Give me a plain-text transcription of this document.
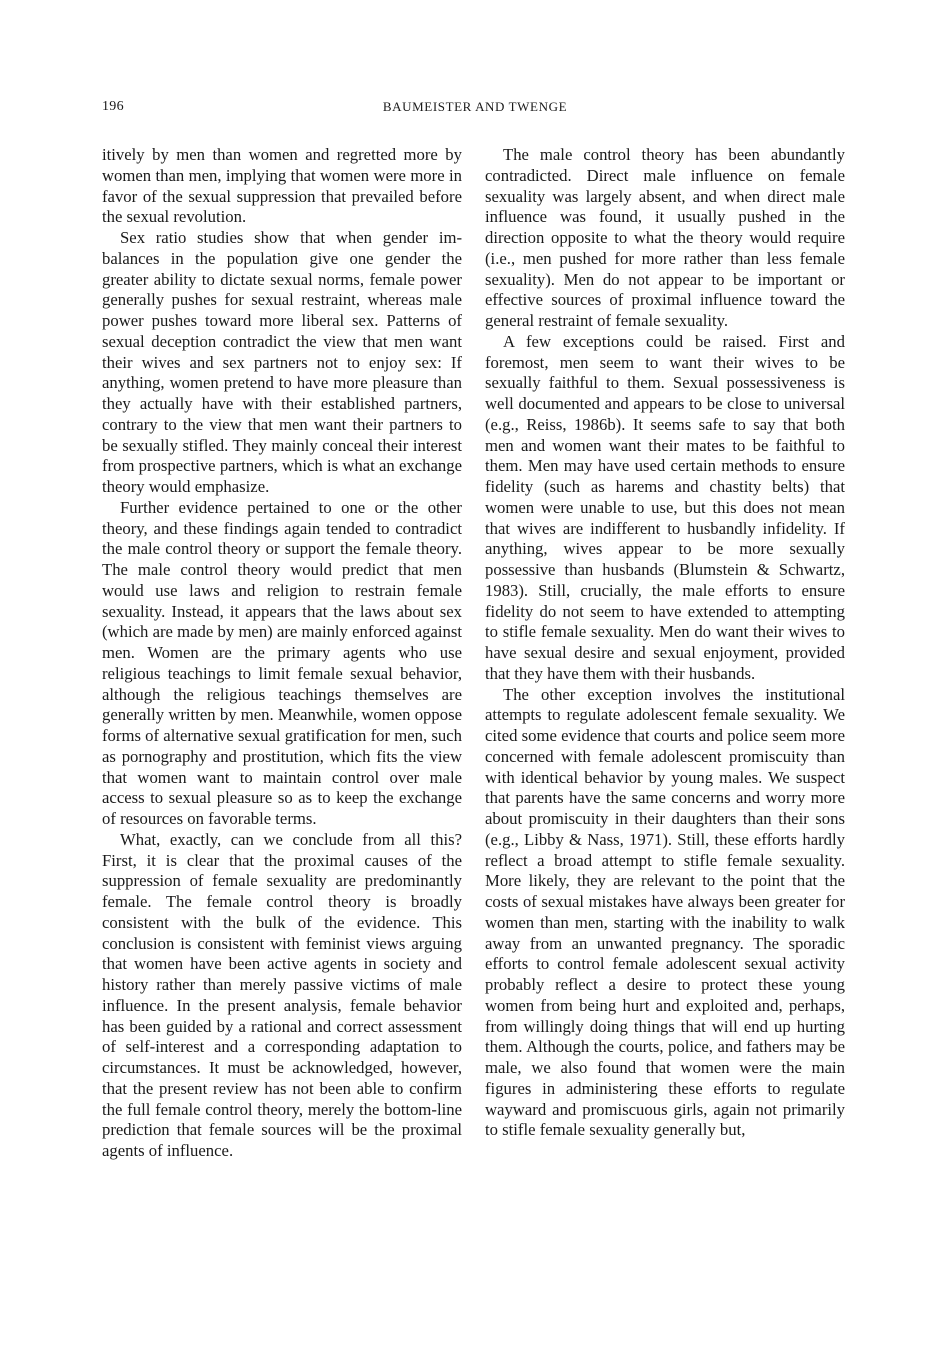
196	BAUMEISTER AND TWENGE

itively by men than women and regretted more by women than men, implying that women were more in favor of the sexual suppression that prevailed before the sexual revolution.

Sex ratio studies show that when gender imbalances in the population give one gender the greater ability to dictate sexual norms, female power generally pushes for sexual restraint, whereas male power pushes toward more liberal sex. Patterns of sexual deception contradict the view that men want their wives and sex partners not to enjoy sex: If anything, women pretend to have more pleasure than they actually have with their established partners, contrary to the view that men want their partners to be sexually stifled. They mainly conceal their interest from prospective partners, which is what an exchange theory would emphasize.

Further evidence pertained to one or the other theory, and these findings again tended to contradict the male control theory or support the female theory. The male control theory would predict that men would use laws and religion to restrain female sexuality. Instead, it appears that the laws about sex (which are made by men) are mainly enforced against men. Women are the primary agents who use religious teachings to limit female sexual behavior, although the religious teachings themselves are generally written by men. Meanwhile, women oppose forms of alternative sexual gratification for men, such as pornography and prostitution, which fits the view that women want to maintain control over male access to sexual pleasure so as to keep the exchange of resources on favorable terms.

What, exactly, can we conclude from all this? First, it is clear that the proximal causes of the suppression of female sexuality are predominantly female. The female control theory is broadly consistent with the bulk of the evidence. This conclusion is consistent with feminist views arguing that women have been active agents in society and history rather than merely passive victims of male influence. In the present analysis, female behavior has been guided by a rational and correct assessment of self-interest and a corresponding adaptation to circumstances. It must be acknowledged, however, that the present review has not been able to confirm the full female control theory, merely the bottom-line prediction that female sources will be the proximal agents of influence.

The male control theory has been abundantly contradicted. Direct male influence on female sexuality was largely absent, and when direct male influence was found, it usually pushed in the direction opposite to what the theory would require (i.e., men pushed for more rather than less female sexuality). Men do not appear to be important or effective sources of proximal influence toward the general restraint of female sexuality.

A few exceptions could be raised. First and foremost, men seem to want their wives to be sexually faithful to them. Sexual possessiveness is well documented and appears to be close to universal (e.g., Reiss, 1986b). It seems safe to say that both men and women want their mates to be faithful to them. Men may have used certain methods to ensure fidelity (such as harems and chastity belts) that women were unable to use, but this does not mean that wives are indifferent to husbandly infidelity. If anything, wives appear to be more sexually possessive than husbands (Blumstein & Schwartz, 1983). Still, crucially, the male efforts to ensure fidelity do not seem to have extended to attempting to stifle female sexuality. Men do want their wives to have sexual desire and sexual enjoyment, provided that they have them with their husbands.

The other exception involves the institutional attempts to regulate adolescent female sexuality. We cited some evidence that courts and police seem more concerned with female adolescent promiscuity than with identical behavior by young males. We suspect that parents have the same concerns and worry more about promiscuity in their daughters than their sons (e.g., Libby & Nass, 1971). Still, these efforts hardly reflect a broad attempt to stifle female sexuality. More likely, they are relevant to the point that the costs of sexual mistakes have always been greater for women than men, starting with the inability to walk away from an unwanted pregnancy. The sporadic efforts to control female adolescent sexual activity probably reflect a desire to protect these young women from being hurt and exploited and, perhaps, from willingly doing things that will end up hurting them. Although the courts, police, and fathers may be male, we also found that women were the main figures in administering these efforts to regulate wayward and promiscuous girls, again not primarily to stifle female sexuality generally but,
